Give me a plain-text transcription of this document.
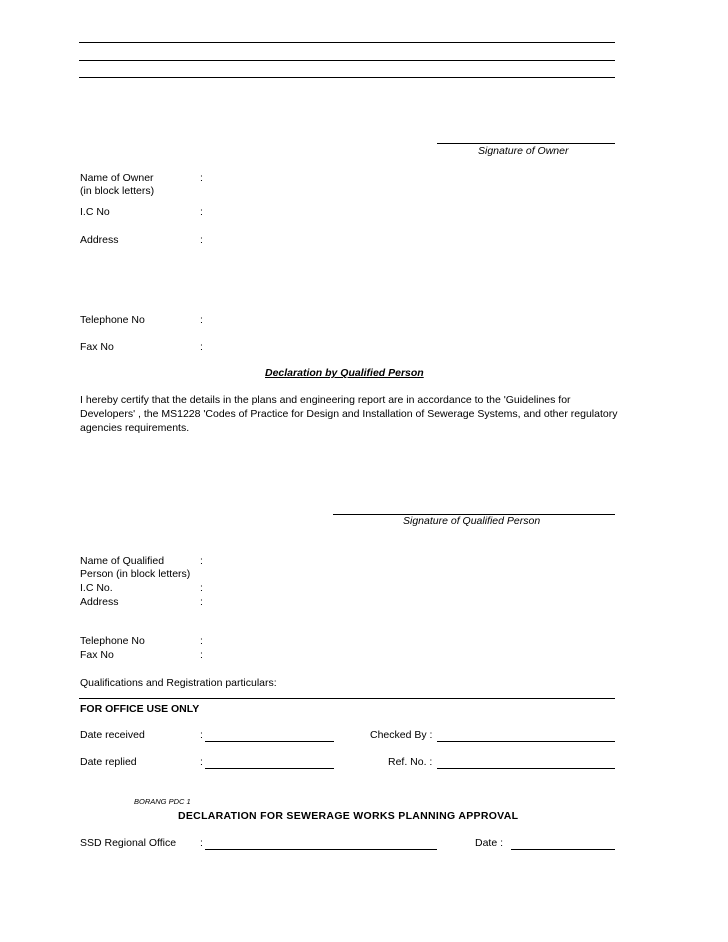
Signature of Owner
Name of Owner
(in block letters)
:
I.C No	:
Address	:
Telephone No	:
Fax No	:
Declaration by Qualified Person
I hereby certify that the details in the plans and engineering report are in accordance to the 'Guidelines for Developers' , the MS1228 'Codes of Practice for Design and Installation of Sewerage Systems, and other regulatory agencies requirements.
Signature of Qualified Person
Name of Qualified
Person (in block letters)
:
I.C No.	:
Address	:
Telephone No	:
Fax No	:
Qualifications and Registration particulars:
FOR OFFICE USE ONLY
Date received	:	Checked By :
Date replied	:	Ref. No. :
BORANG PDC 1
DECLARATION FOR SEWERAGE WORKS PLANNING APPROVAL
SSD Regional Office :	Date :
